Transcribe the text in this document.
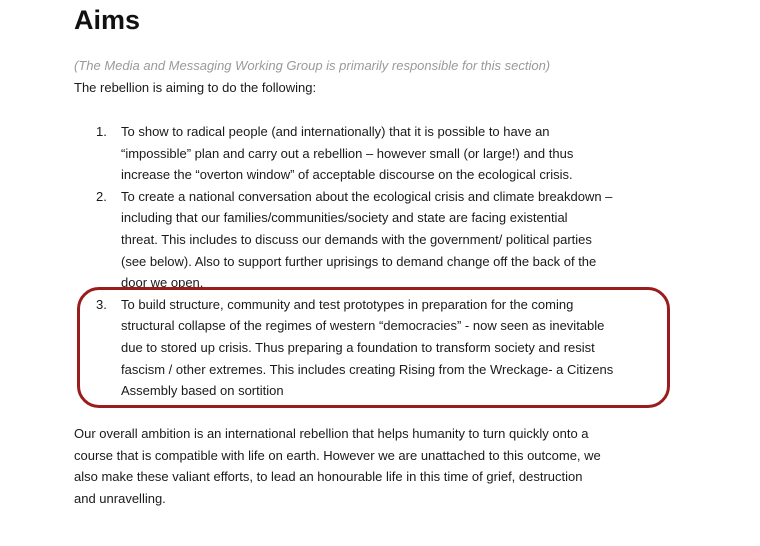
Aims

(The Media and Messaging Working Group is primarily responsible for this section)

The rebellion is aiming to do the following:

1. To show to radical people (and internationally) that it is possible to have an
“impossible” plan and carry out a rebellion – however small (or large!) and thus
increase the “overton window” of acceptable discourse on the ecological crisis.

2. To create a national conversation about the ecological crisis and climate breakdown –
including that our families/communities/society and state are facing existential
threat. This includes to discuss our demands with the government/ political parties
(see below). Also to support further uprisings to demand change off the back of the
door we open.

3. To build structure, community and test prototypes in preparation for the coming
structural collapse of the regimes of western “democracies” - now seen as inevitable
due to stored up crisis. Thus preparing a foundation to transform society and resist
fascism / other extremes. This includes creating Rising from the Wreckage- a Citizens
Assembly based on sortition

Our overall ambition is an international rebellion that helps humanity to turn quickly onto a
course that is compatible with life on earth. However we are unattached to this outcome, we
also make these valiant efforts, to lead an honourable life in this time of grief, destruction
and unravelling.
